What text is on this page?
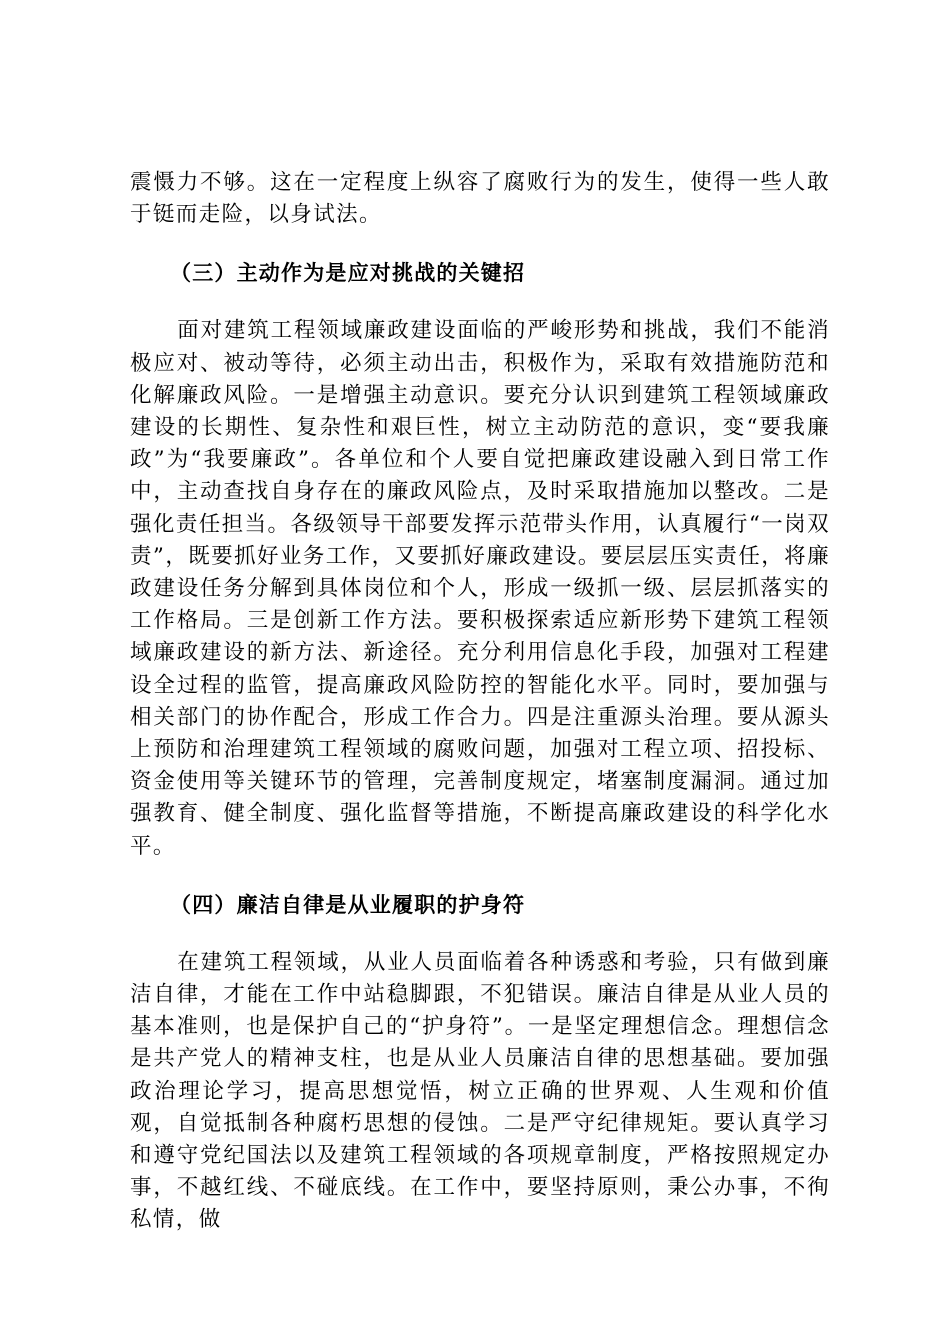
震慑力不够。这在一定程度上纵容了腐败行为的发生，使得一些人敢于铤而走险，以身试法。

（三）主动作为是应对挑战的关键招

面对建筑工程领域廉政建设面临的严峻形势和挑战，我们不能消极应对、被动等待，必须主动出击，积极作为，采取有效措施防范和化解廉政风险。一是增强主动意识。要充分认识到建筑工程领域廉政建设的长期性、复杂性和艰巨性，树立主动防范的意识，变“要我廉政”为“我要廉政”。各单位和个人要自觉把廉政建设融入到日常工作中，主动查找自身存在的廉政风险点，及时采取措施加以整改。二是强化责任担当。各级领导干部要发挥示范带头作用，认真履行“一岗双责”，既要抓好业务工作，又要抓好廉政建设。要层层压实责任，将廉政建设任务分解到具体岗位和个人，形成一级抓一级、层层抓落实的工作格局。三是创新工作方法。要积极探索适应新形势下建筑工程领域廉政建设的新方法、新途径。充分利用信息化手段，加强对工程建设全过程的监管，提高廉政风险防控的智能化水平。同时，要加强与相关部门的协作配合，形成工作合力。四是注重源头治理。要从源头上预防和治理建筑工程领域的腐败问题，加强对工程立项、招投标、资金使用等关键环节的管理，完善制度规定，堵塞制度漏洞。通过加强教育、健全制度、强化监督等措施，不断提高廉政建设的科学化水平。

（四）廉洁自律是从业履职的护身符

在建筑工程领域，从业人员面临着各种诱惑和考验，只有做到廉洁自律，才能在工作中站稳脚跟，不犯错误。廉洁自律是从业人员的基本准则，也是保护自己的“护身符”。一是坚定理想信念。理想信念是共产党人的精神支柱，也是从业人员廉洁自律的思想基础。要加强政治理论学习，提高思想觉悟，树立正确的世界观、人生观和价值观，自觉抵制各种腐朽思想的侵蚀。二是严守纪律规矩。要认真学习和遵守党纪国法以及建筑工程领域的各项规章制度，严格按照规定办事，不越红线、不碰底线。在工作中，要坚持原则，秉公办事，不徇私情，做
